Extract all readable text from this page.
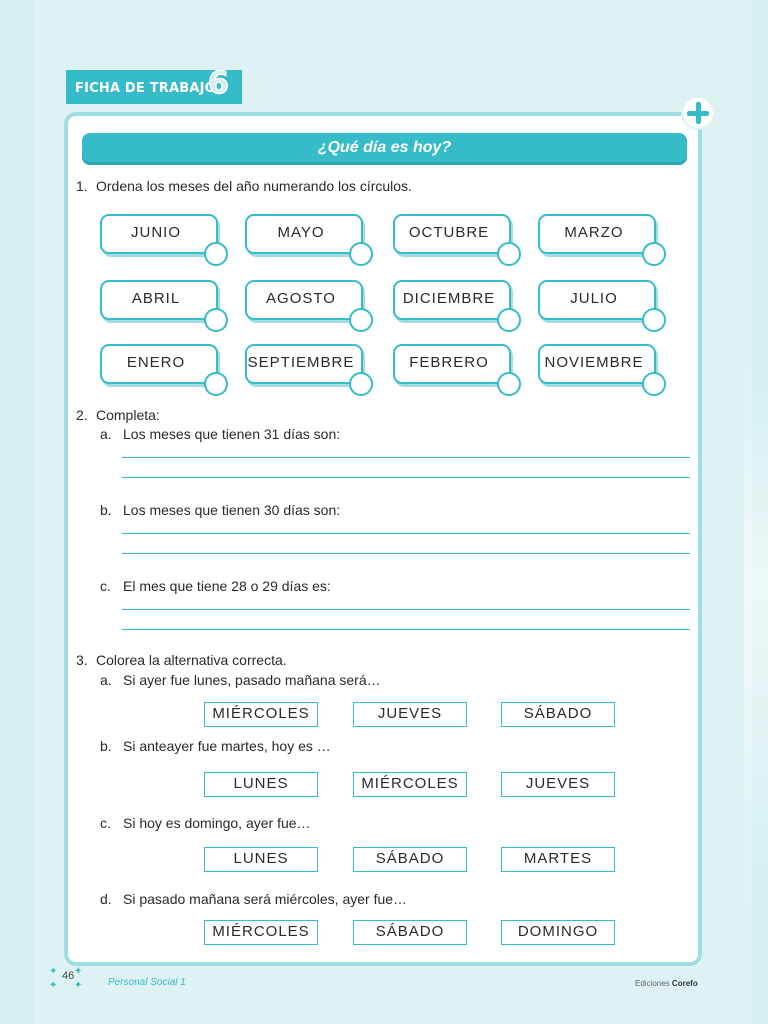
FICHA DE TRABAJO
6
¿Qué día es hoy?
1. Ordena los meses del año numerando los círculos.
JUNIO	MAYO	OCTUBRE	MARZO
ABRIL	AGOSTO	DICIEMBRE	JULIO
ENERO	SEPTIEMBRE	FEBRERO	NOVIEMBRE
2. Completa:
a. Los meses que tienen 31 días son:
b. Los meses que tienen 30 días son:
c. El mes que tiene 28 o 29 días es:
3. Colorea la alternativa correcta.
a. Si ayer fue lunes, pasado mañana será…
MIÉRCOLES	JUEVES	SÁBADO
b. Si anteayer fue martes, hoy es …
LUNES	MIÉRCOLES	JUEVES
c. Si hoy es domingo, ayer fue…
LUNES	SÁBADO	MARTES
d. Si pasado mañana será miércoles, ayer fue…
MIÉRCOLES	SÁBADO	DOMINGO
✦ ✦
✦ ✦
46
Personal Social 1	Ediciones Corefo
